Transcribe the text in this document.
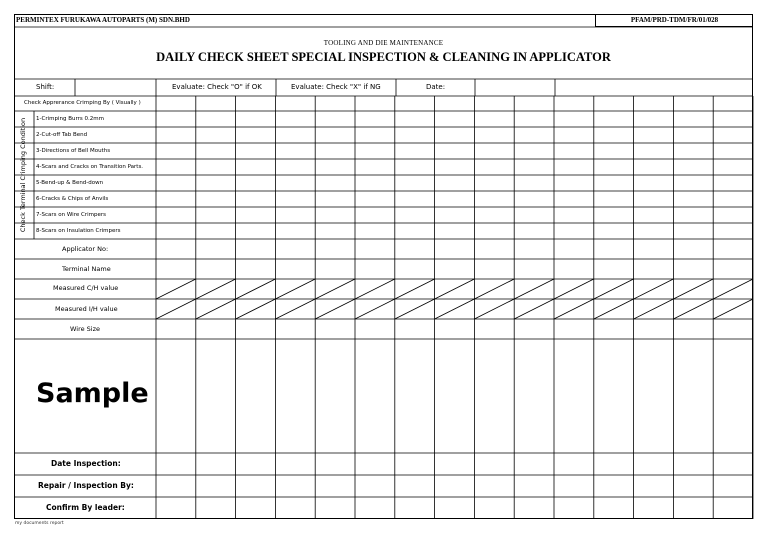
PERMINTEX FURUKAWA AUTOPARTS (M) SDN.BHD	PFAM/PRD-TDM/FR/01/028
TOOLING AND DIE MAINTENANCE
DAILY CHECK SHEET SPECIAL INSPECTION & CLEANING IN APPLICATOR
Shift:	Evaluate: Check "O" if OK	Evaluate: Check "X" if NG	Date:
Check Apprerance Crimping By ( Visually )
Check Terminal Crimping Condition 1-Crimping Burrs 0.2mm
2-Cut-off Tab Bend
3-Directions of Bell Mouths
4-Scars and Cracks on Transition Parts.
5-Bend-up & Bend-down
6-Cracks & Chips of Anvils
7-Scars on Wire Crimpers
8-Scars on Insulation Crimpers
Applicator No:
Terminal Name
Measured C/H value
Measured I/H value
Wire Size
Sample
Date Inspection:
Repair / Inspection By:
Confirm By leader:
my documents report
